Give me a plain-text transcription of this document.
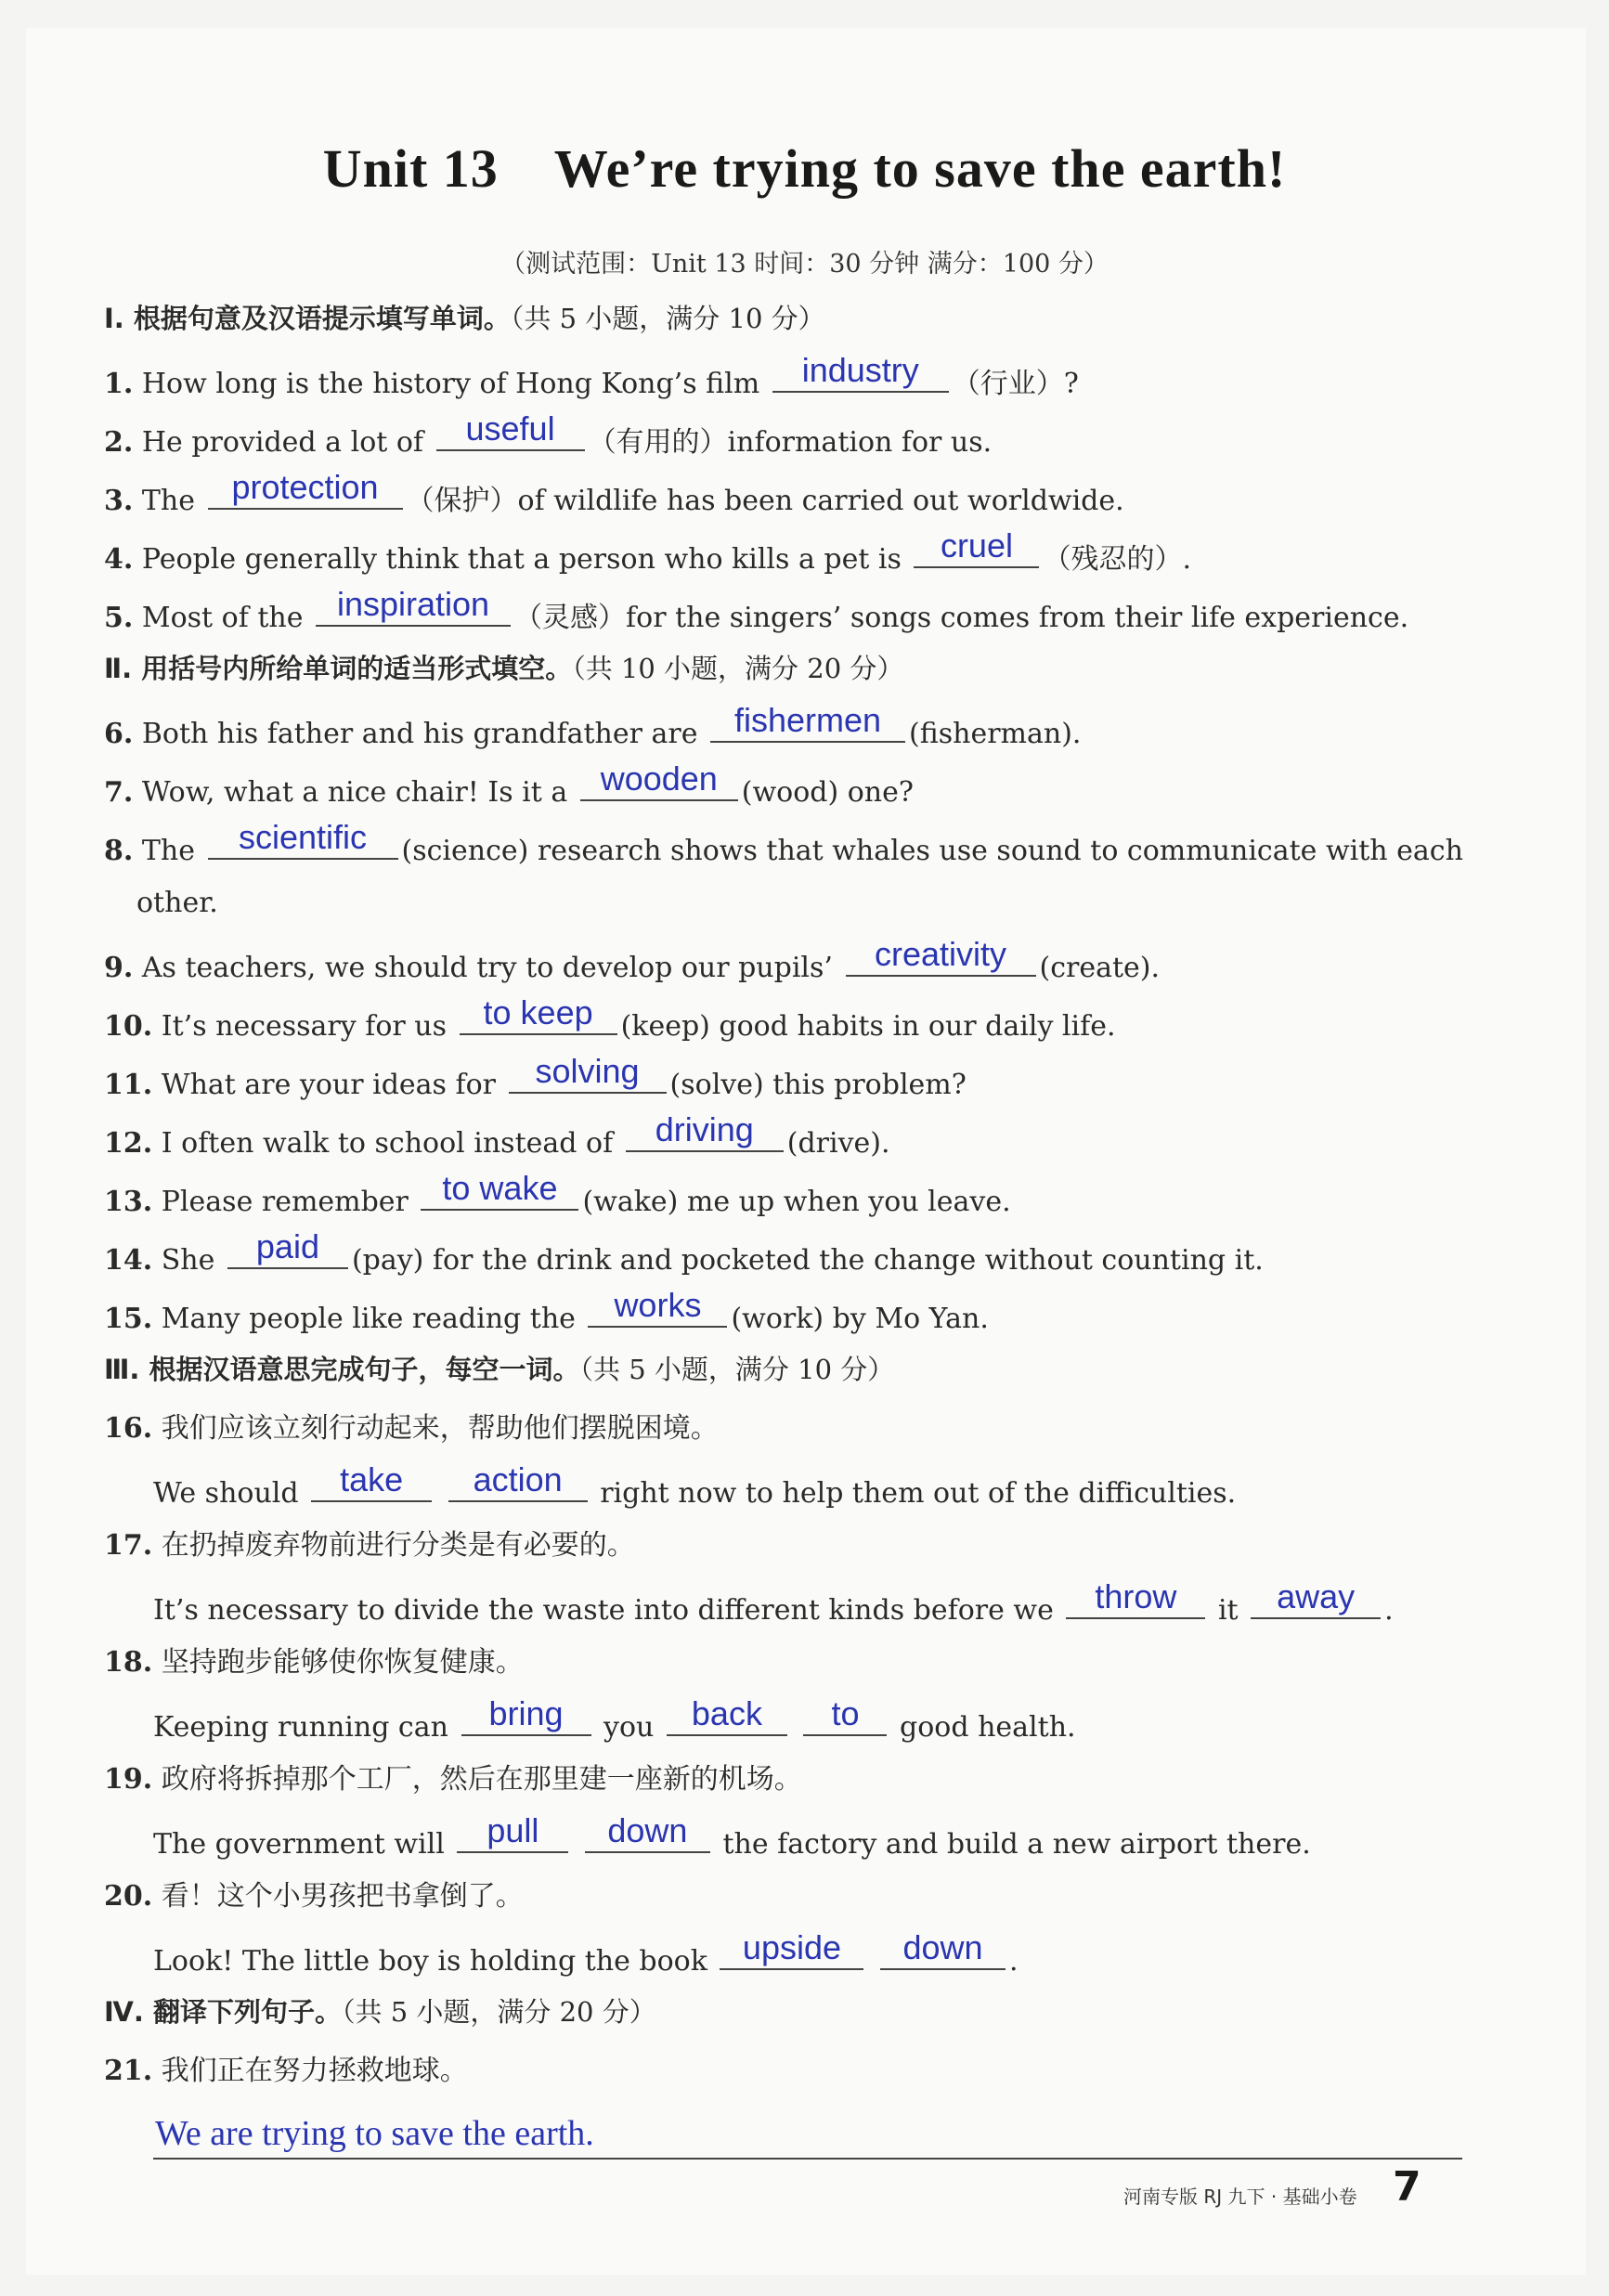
Unit 13 We’re trying to save the earth!
（测试范围：Unit 13 时间：30 分钟 满分：100 分）
Ⅰ. 根据句意及汉语提示填写单词。（共 5 小题，满分 10 分）
1. How long is the history of Hong Kong’s film	industry	（行业）?
2. He provided a lot of	useful	（有用的）information for us.
3. The	protection （保护）of wildlife has been carried out worldwide.
4. People generally think that a person who kills a pet is	cruel	（残忍的）.
5. Most of the	inspiration （灵感）for the singers’ songs comes from their life experience.
Ⅱ. 用括号内所给单词的适当形式填空。（共 10 小题，满分 20 分）
6. Both his father and his grandfather are	fishermen (fisherman).
7. Wow, what a nice chair! Is it a wooden (wood) one?
8. The	scientific	(science) research shows that whales use sound to communicate with each
other.
9. As teachers, we should try to develop our pupils’	creativity	(create).
10. It’s necessary for us	to keep (keep) good habits in our daily life.
11. What are your ideas for	solving	(solve) this problem?
12. I often walk to school instead of	driving	(drive).
13. Please remember	to wake (wake) me up when you leave.
14. She	paid	(pay) for the drink and pocketed the change without counting it.
15. Many people like reading the	works	(work) by Mo Yan.
Ⅲ. 根据汉语意思完成句子，每空一词。（共 5 小题，满分 10 分）
16. 我们应该立刻行动起来，帮助他们摆脱困境。
We should	take
	action	right now to help them out of the difficulties.
17. 在扔掉废弃物前进行分类是有必要的。
It’s necessary to divide the waste into different kinds before we	throw	it	away	.
18. 坚持跑步能够使你恢复健康。
Keeping running can	bring	you	back
	to	good health.
19. 政府将拆掉那个工厂，然后在那里建一座新的机场。
The government will	pull
	down	the factory and build a new airport there.
20. 看！这个小男孩把书拿倒了。
Look! The little boy is holding the book	upside
	down .
Ⅳ. 翻译下列句子。（共 5 小题，满分 20 分）
21. 我们正在努力拯救地球。
We are trying to save the earth.
河南专版 RJ 九下 · 基础小卷 7
